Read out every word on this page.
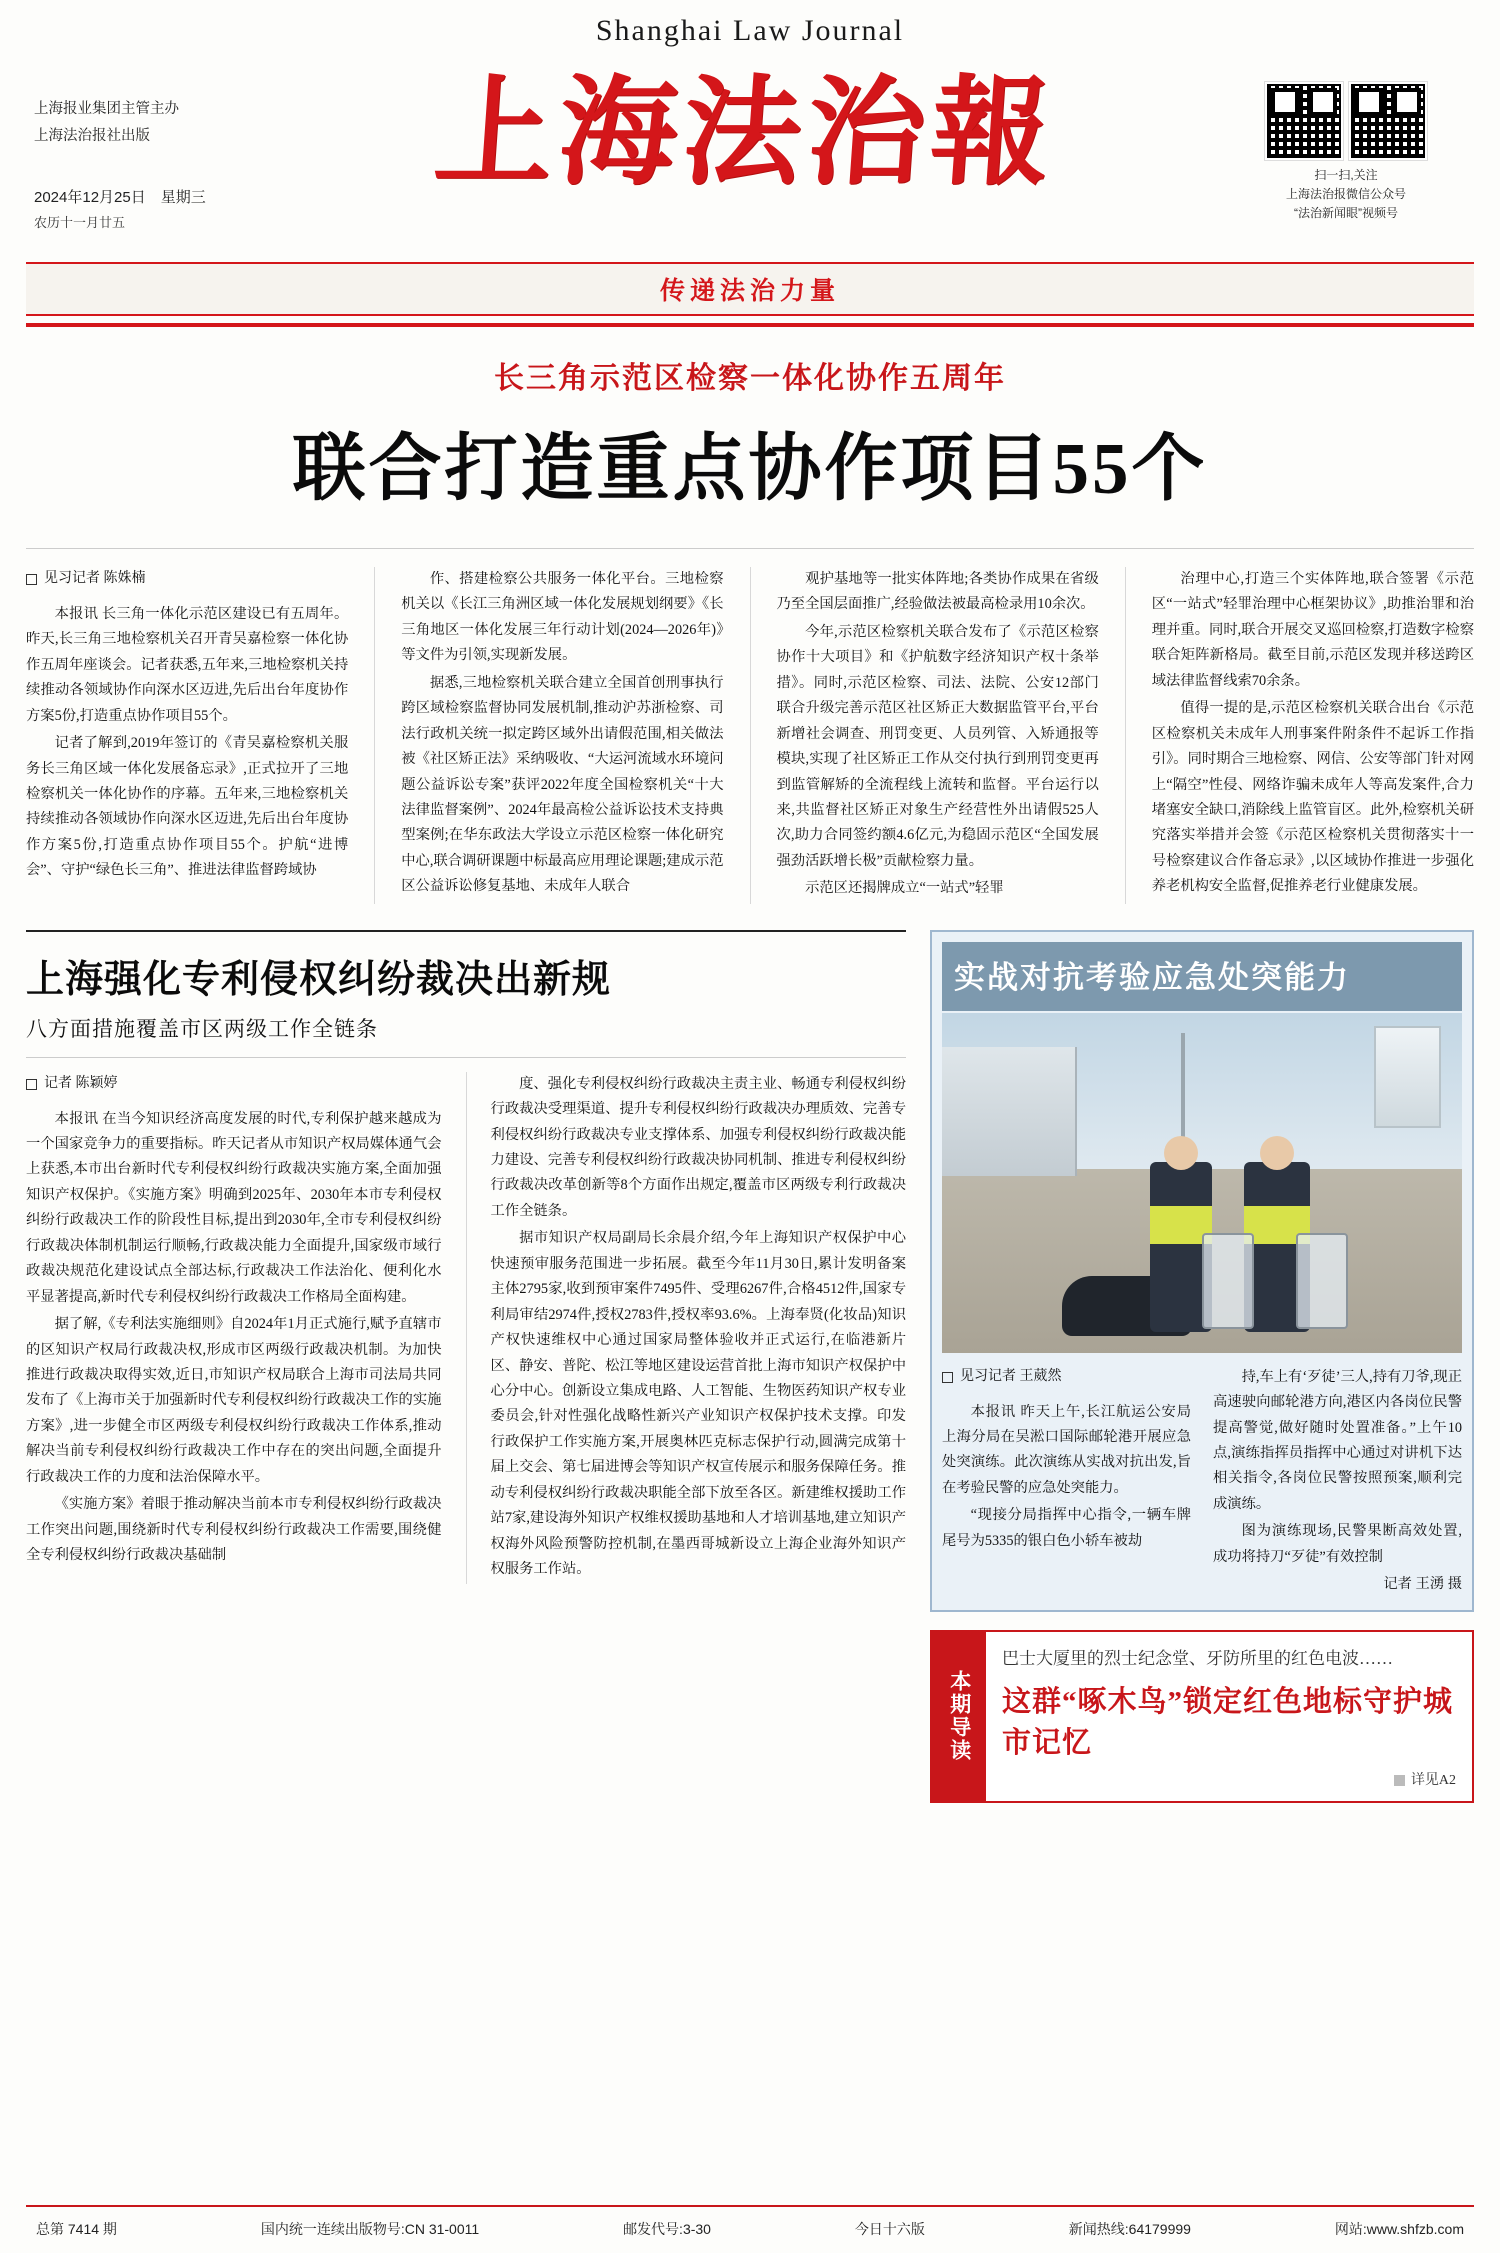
Shanghai Law Journal
上海报业集团主管主办
上海法治报社出版
2024年12月25日　星期三
农历十一月廿五
上海法治報	扫一扫,关注
上海法治报微信公众号
“法治新闻眼”视频号
传递法治力量
长三角示范区检察一体化协作五周年
联合打造重点协作项目55个
见习记者 陈姝楠

本报讯 长三角一体化示范区建设已有五周年。昨天,长三角三地检察机关召开青吴嘉检察一体化协作五周年座谈会。记者获悉,五年来,三地检察机关持续推动各领域协作向深水区迈进,先后出台年度协作方案5份,打造重点协作项目55个。

记者了解到,2019年签订的《青吴嘉检察机关服务长三角区域一体化发展备忘录》,正式拉开了三地检察机关一体化协作的序幕。五年来,三地检察机关持续推动各领域协作向深水区迈进,先后出台年度协作方案5份,打造重点协作项目55个。护航“进博会”、守护“绿色长三角”、推进法律监督跨域协

作、搭建检察公共服务一体化平台。三地检察机关以《长江三角洲区域一体化发展规划纲要》《长三角地区一体化发展三年行动计划(2024—2026年)》等文件为引领,实现新发展。

据悉,三地检察机关联合建立全国首创刑事执行跨区域检察监督协同发展机制,推动沪苏浙检察、司法行政机关统一拟定跨区域外出请假范围,相关做法被《社区矫正法》采纳吸收、“大运河流域水环境问题公益诉讼专案”获评2022年度全国检察机关“十大法律监督案例”、2024年最高检公益诉讼技术支持典型案例;在华东政法大学设立示范区检察一体化研究中心,联合调研课题中标最高应用理论课题;建成示范区公益诉讼修复基地、未成年人联合

观护基地等一批实体阵地;各类协作成果在省级乃至全国层面推广,经验做法被最高检录用10余次。

今年,示范区检察机关联合发布了《示范区检察协作十大项目》和《护航数字经济知识产权十条举措》。同时,示范区检察、司法、法院、公安12部门联合升级完善示范区社区矫正大数据监管平台,平台新增社会调查、刑罚变更、人员列管、入矫通报等模块,实现了社区矫正工作从交付执行到刑罚变更再到监管解矫的全流程线上流转和监督。平台运行以来,共监督社区矫正对象生产经营性外出请假525人次,助力合同签约额4.6亿元,为稳固示范区“全国发展强劲活跃增长极”贡献检察力量。

示范区还揭牌成立“一站式”轻罪

治理中心,打造三个实体阵地,联合签署《示范区“一站式”轻罪治理中心框架协议》,助推治罪和治理并重。同时,联合开展交叉巡回检察,打造数字检察联合矩阵新格局。截至目前,示范区发现并移送跨区域法律监督线索70余条。

值得一提的是,示范区检察机关联合出台《示范区检察机关未成年人刑事案件附条件不起诉工作指引》。同时期合三地检察、网信、公安等部门针对网上“隔空”性侵、网络诈骗未成年人等高发案件,合力堵塞安全缺口,消除线上监管盲区。此外,检察机关研究落实举措并会签《示范区检察机关贯彻落实十一号检察建议合作备忘录》,以区域协作推进一步强化养老机构安全监督,促推养老行业健康发展。

上海强化专利侵权纠纷裁决出新规
八方面措施覆盖市区两级工作全链条
记者 陈颖婷

本报讯 在当今知识经济高度发展的时代,专利保护越来越成为一个国家竞争力的重要指标。昨天记者从市知识产权局媒体通气会上获悉,本市出台新时代专利侵权纠纷行政裁决实施方案,全面加强知识产权保护。《实施方案》明确到2025年、2030年本市专利侵权纠纷行政裁决工作的阶段性目标,提出到2030年,全市专利侵权纠纷行政裁决体制机制运行顺畅,行政裁决能力全面提升,国家级市域行政裁决规范化建设试点全部达标,行政裁决工作法治化、便利化水平显著提高,新时代专利侵权纠纷行政裁决工作格局全面构建。

据了解,《专利法实施细则》自2024年1月正式施行,赋予直辖市的区知识产权局行政裁决权,形成市区两级行政裁决机制。为加快推进行政裁决取得实效,近日,市知识产权局联合上海市司法局共同发布了《上海市关于加强新时代专利侵权纠纷行政裁决工作的实施方案》,进一步健全市区两级专利侵权纠纷行政裁决工作体系,推动解决当前专利侵权纠纷行政裁决工作中存在的突出问题,全面提升行政裁决工作的力度和法治保障水平。

《实施方案》着眼于推动解决当前本市专利侵权纠纷行政裁决工作突出问题,围绕新时代专利侵权纠纷行政裁决工作需要,围绕健全专利侵权纠纷行政裁决基础制

度、强化专利侵权纠纷行政裁决主责主业、畅通专利侵权纠纷行政裁决受理渠道、提升专利侵权纠纷行政裁决办理质效、完善专利侵权纠纷行政裁决专业支撑体系、加强专利侵权纠纷行政裁决能力建设、完善专利侵权纠纷行政裁决协同机制、推进专利侵权纠纷行政裁决改革创新等8个方面作出规定,覆盖市区两级专利行政裁决工作全链条。

据市知识产权局副局长余晨介绍,今年上海知识产权保护中心快速预审服务范围进一步拓展。截至今年11月30日,累计发明备案主体2795家,收到预审案件7495件、受理6267件,合格4512件,国家专利局审结2974件,授权2783件,授权率93.6%。上海奉贤(化妆品)知识产权快速维权中心通过国家局整体验收并正式运行,在临港新片区、静安、普陀、松江等地区建设运营首批上海市知识产权保护中心分中心。创新设立集成电路、人工智能、生物医药知识产权专业委员会,针对性强化战略性新兴产业知识产权保护技术支撑。印发行政保护工作实施方案,开展奥林匹克标志保护行动,圆满完成第十届上交会、第七届进博会等知识产权宣传展示和服务保障任务。推动专利侵权纠纷行政裁决职能全部下放至各区。新建维权援助工作站7家,建设海外知识产权维权援助基地和人才培训基地,建立知识产权海外风险预警防控机制,在墨西哥城新设立上海企业海外知识产权服务工作站。

实战对抗考验应急处突能力
见习记者 王葳然

本报讯 昨天上午,长江航运公安局上海分局在吴淞口国际邮轮港开展应急处突演练。此次演练从实战对抗出发,旨在考验民警的应急处突能力。

“现接分局指挥中心指令,一辆车牌尾号为5335的银白色小轿车被劫

持,车上有‘歹徒’三人,持有刀爷,现正高速驶向邮轮港方向,港区内各岗位民警提高警觉,做好随时处置准备。”上午10点,演练指挥员指挥中心通过对讲机下达相关指令,各岗位民警按照预案,顺利完成演练。

图为演练现场,民警果断高效处置,成功将持刀“歹徒”有效控制

记者 王湧 摄

本期导读
巴士大厦里的烈士纪念堂、牙防所里的红色电波……
这群“啄木鸟”锁定红色地标守护城市记忆
详见A2
总第 7414 期	国内统一连续出版物号:CN 31-0011	邮发代号:3-30	今日十六版	新闻热线:64179999	网站:www.shfzb.com
